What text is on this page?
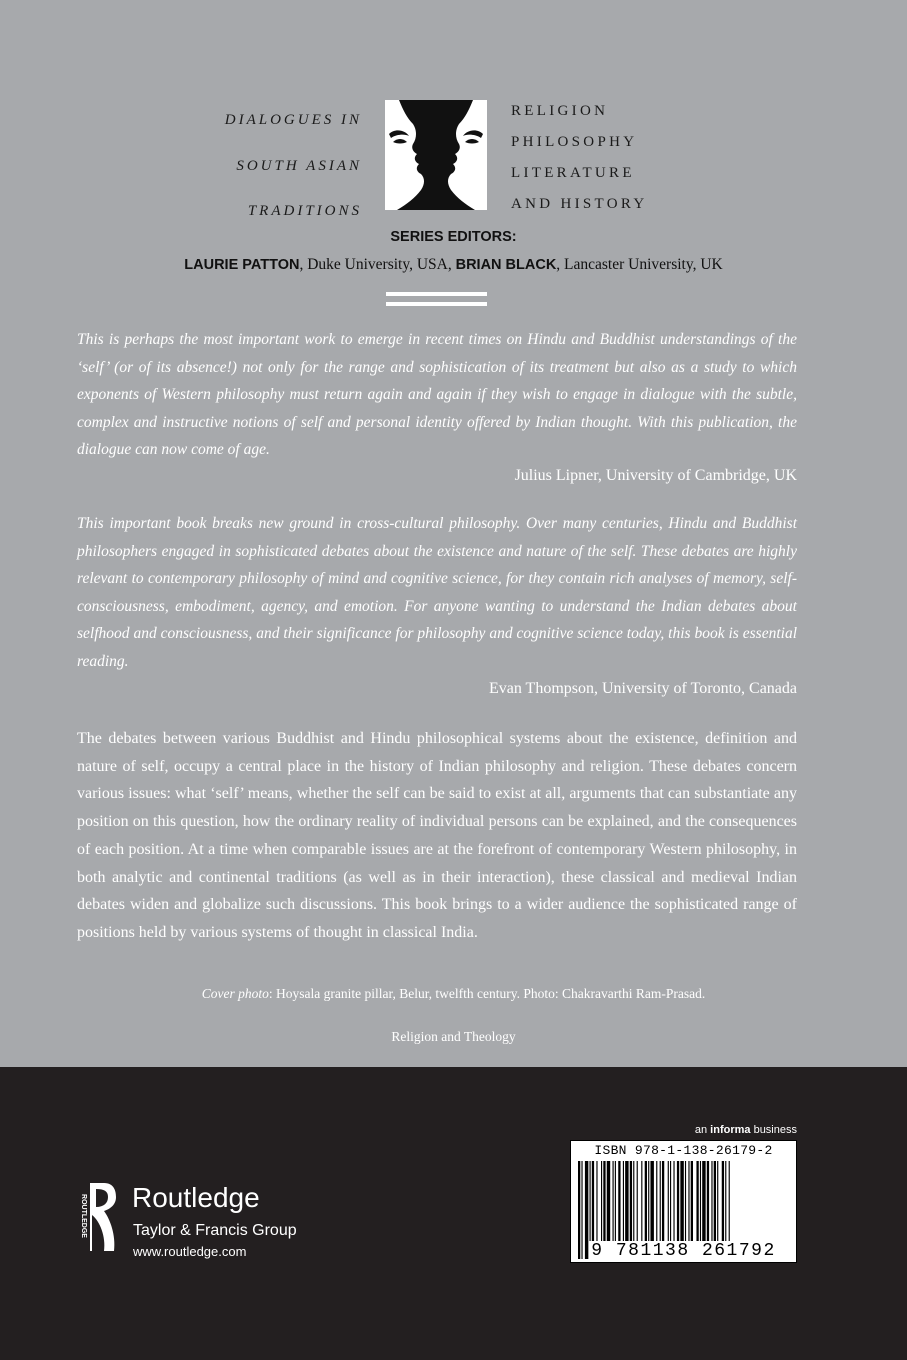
DIALOGUES IN
SOUTH ASIAN
TRADITIONS
RELIGION
PHILOSOPHY
LITERATURE
AND HISTORY
SERIES EDITORS:
LAURIE PATTON, Duke University, USA, BRIAN BLACK, Lancaster University, UK
This is perhaps the most important work to emerge in recent times on Hindu and Buddhist understandings of the ‘self’ (or of its absence!) not only for the range and sophistication of its treatment but also as a study to which exponents of Western philosophy must return again and again if they wish to engage in dialogue with the subtle, complex and instructive notions of self and personal identity offered by Indian thought. With this publication, the dialogue can now come of age.
Julius Lipner, University of Cambridge, UK
This important book breaks new ground in cross-cultural philosophy. Over many centuries, Hindu and Buddhist philosophers engaged in sophisticated debates about the existence and nature of the self. These debates are highly relevant to contemporary philosophy of mind and cognitive science, for they contain rich analyses of memory, self-consciousness, embodiment, agency, and emotion. For anyone wanting to understand the Indian debates about selfhood and consciousness, and their significance for philosophy and cognitive science today, this book is essential reading.
Evan Thompson, University of Toronto, Canada
The debates between various Buddhist and Hindu philosophical systems about the existence, definition and nature of self, occupy a central place in the history of Indian philosophy and religion. These debates concern various issues: what ‘self’ means, whether the self can be said to exist at all, arguments that can substantiate any position on this question, how the ordinary reality of individual persons can be explained, and the consequences of each position. At a time when comparable issues are at the forefront of contemporary Western philosophy, in both analytic and continental traditions (as well as in their interaction), these classical and medieval Indian debates widen and globalize such discussions. This book brings to a wider audience the sophisticated range of positions held by various systems of thought in classical India.
Cover photo: Hoysala granite pillar, Belur, twelfth century. Photo: Chakravarthi Ram-Prasad.
Religion and Theology
ROUTLEDGE Routledge
Taylor & Francis Group
www.routledge.com
an informa business
ISBN 978-1-138-26179-2
9 781138 261792
